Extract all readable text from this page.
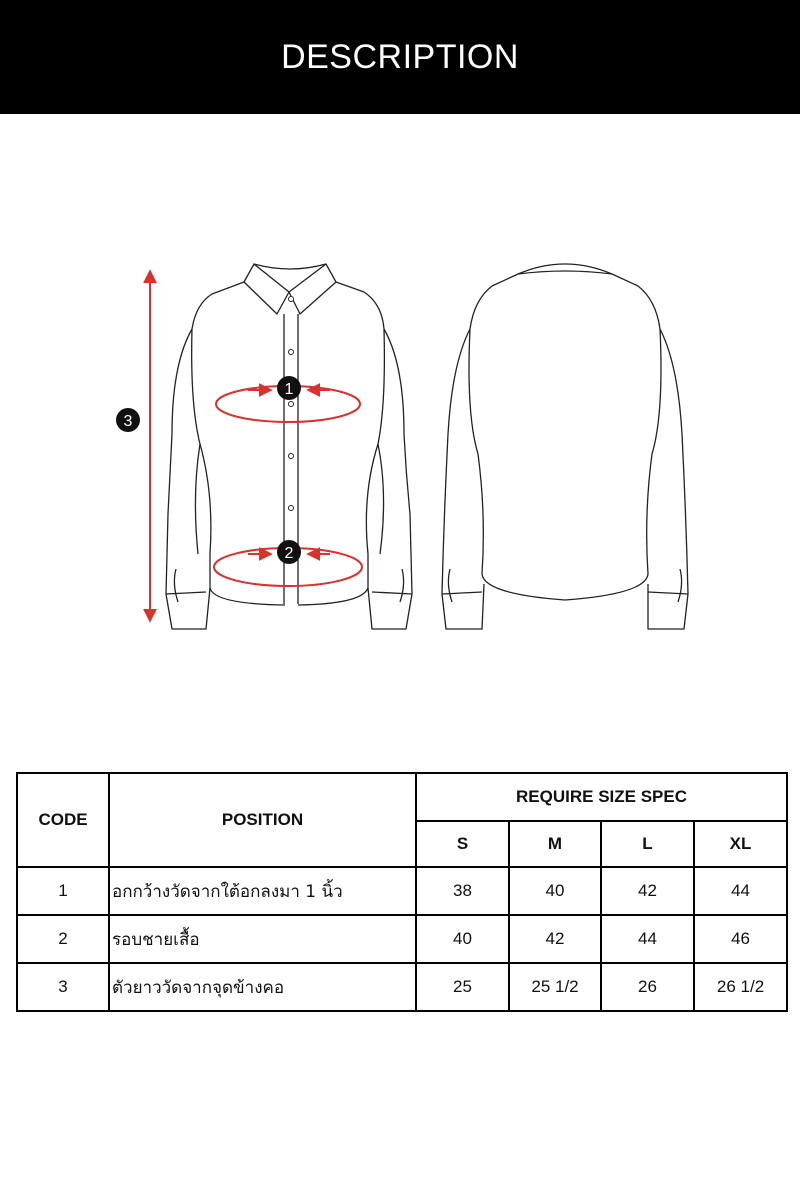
DESCRIPTION
1
2
3
CODE	POSITION	REQUIRE SIZE SPEC			
		S	M	L	XL
1	อกกว้างวัดจากใต้อกลงมา 1 นิ้ว	38	40	42	44
2	รอบชายเสื้อ	40	42	44	46
3	ตัวยาววัดจากจุดข้างคอ	25	25 1/2	26	26 1/2
